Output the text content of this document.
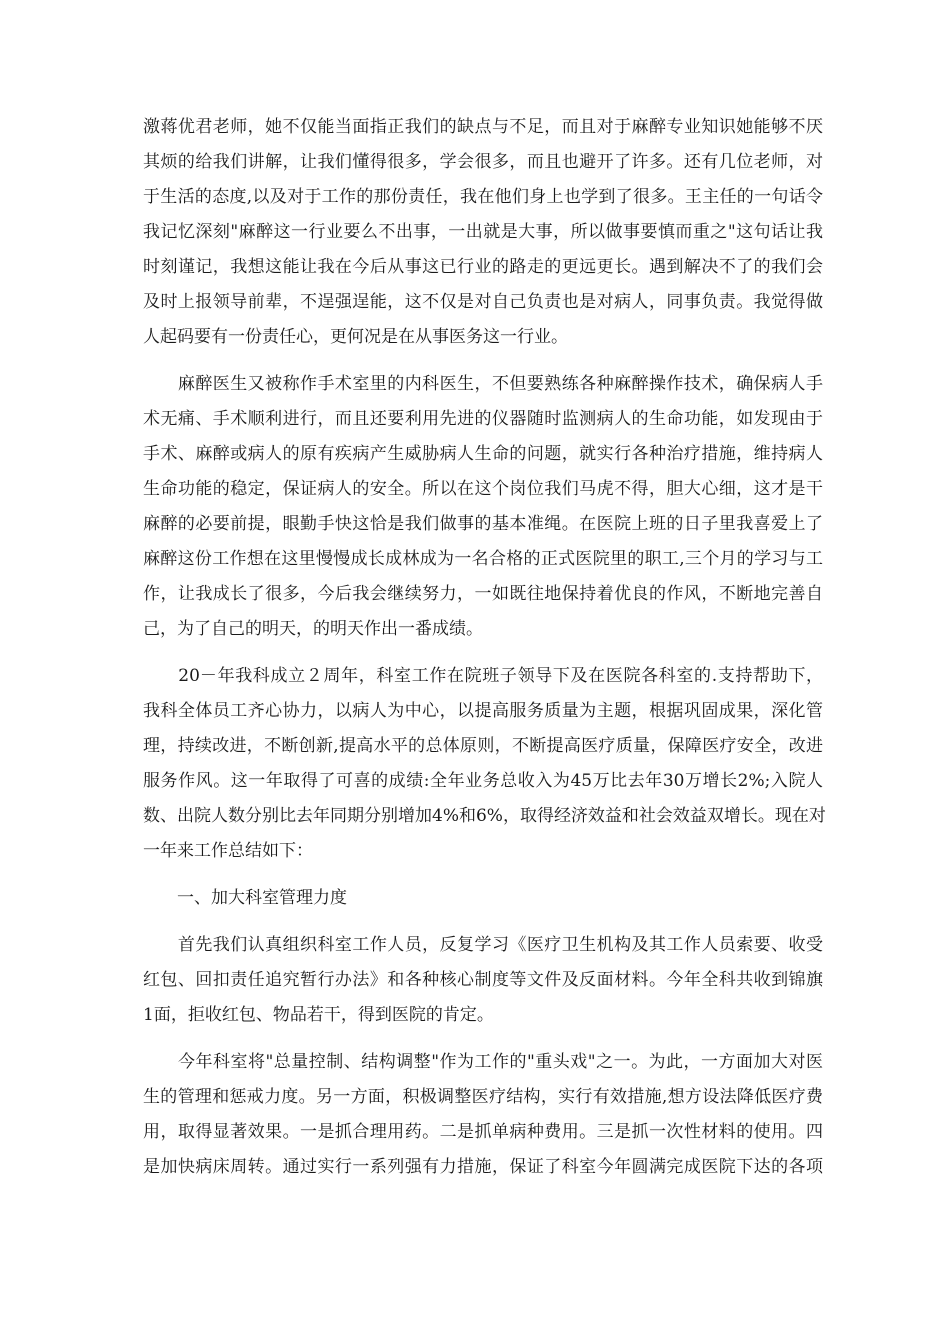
激蒋优君老师，她不仅能当面指正我们的缺点与不足，而且对于麻醉专业知识她能够不厌
其烦的给我们讲解，让我们懂得很多，学会很多，而且也避开了许多。还有几位老师，对
于生活的态度,以及对于工作的那份责任，我在他们身上也学到了很多。王主任的一句话令
我记忆深刻"麻醉这一行业要么不出事，一出就是大事，所以做事要慎而重之"这句话让我
时刻谨记，我想这能让我在今后从事这已行业的路走的更远更长。遇到解决不了的我们会
及时上报领导前辈，不逞强逞能，这不仅是对自己负责也是对病人，同事负责。我觉得做
人起码要有一份责任心，更何况是在从事医务这一行业。
　　麻醉医生又被称作手术室里的内科医生，不但要熟练各种麻醉操作技术，确保病人手
术无痛、手术顺利进行，而且还要利用先进的仪器随时监测病人的生命功能，如发现由于
手术、麻醉或病人的原有疾病产生威胁病人生命的问题，就实行各种治疗措施，维持病人
生命功能的稳定，保证病人的安全。所以在这个岗位我们马虎不得，胆大心细，这才是干
麻醉的必要前提，眼勤手快这恰是我们做事的基本准绳。在医院上班的日子里我喜爱上了
麻醉这份工作想在这里慢慢成长成林成为一名合格的正式医院里的职工,三个月的学习与工
作，让我成长了很多，今后我会继续努力，一如既往地保持着优良的作风，不断地完善自
己，为了自己的明天，的明天作出一番成绩。
　　20－年我科成立２周年，科室工作在院班子领导下及在医院各科室的.支持帮助下，
我科全体员工齐心协力，以病人为中心，以提高服务质量为主题，根据巩固成果，深化管
理，持续改进，不断创新,提高水平的总体原则，不断提高医疗质量，保障医疗安全，改进
服务作风。这一年取得了可喜的成绩:全年业务总收入为45万比去年30万增长2%;入院人
数、出院人数分别比去年同期分别增加4%和6%，取得经济效益和社会效益双增长。现在对
一年来工作总结如下：
　　一、加大科室管理力度
　　首先我们认真组织科室工作人员，反复学习《医疗卫生机构及其工作人员索要、收受
红包、回扣责任追究暂行办法》和各种核心制度等文件及反面材料。今年全科共收到锦旗
1面，拒收红包、物品若干，得到医院的肯定。
　　今年科室将"总量控制、结构调整"作为工作的"重头戏"之一。为此，一方面加大对医
生的管理和惩戒力度。另一方面，积极调整医疗结构，实行有效措施,想方设法降低医疗费
用，取得显著效果。一是抓合理用药。二是抓单病种费用。三是抓一次性材料的使用。四
是加快病床周转。通过实行一系列强有力措施，保证了科室今年圆满完成医院下达的各项
